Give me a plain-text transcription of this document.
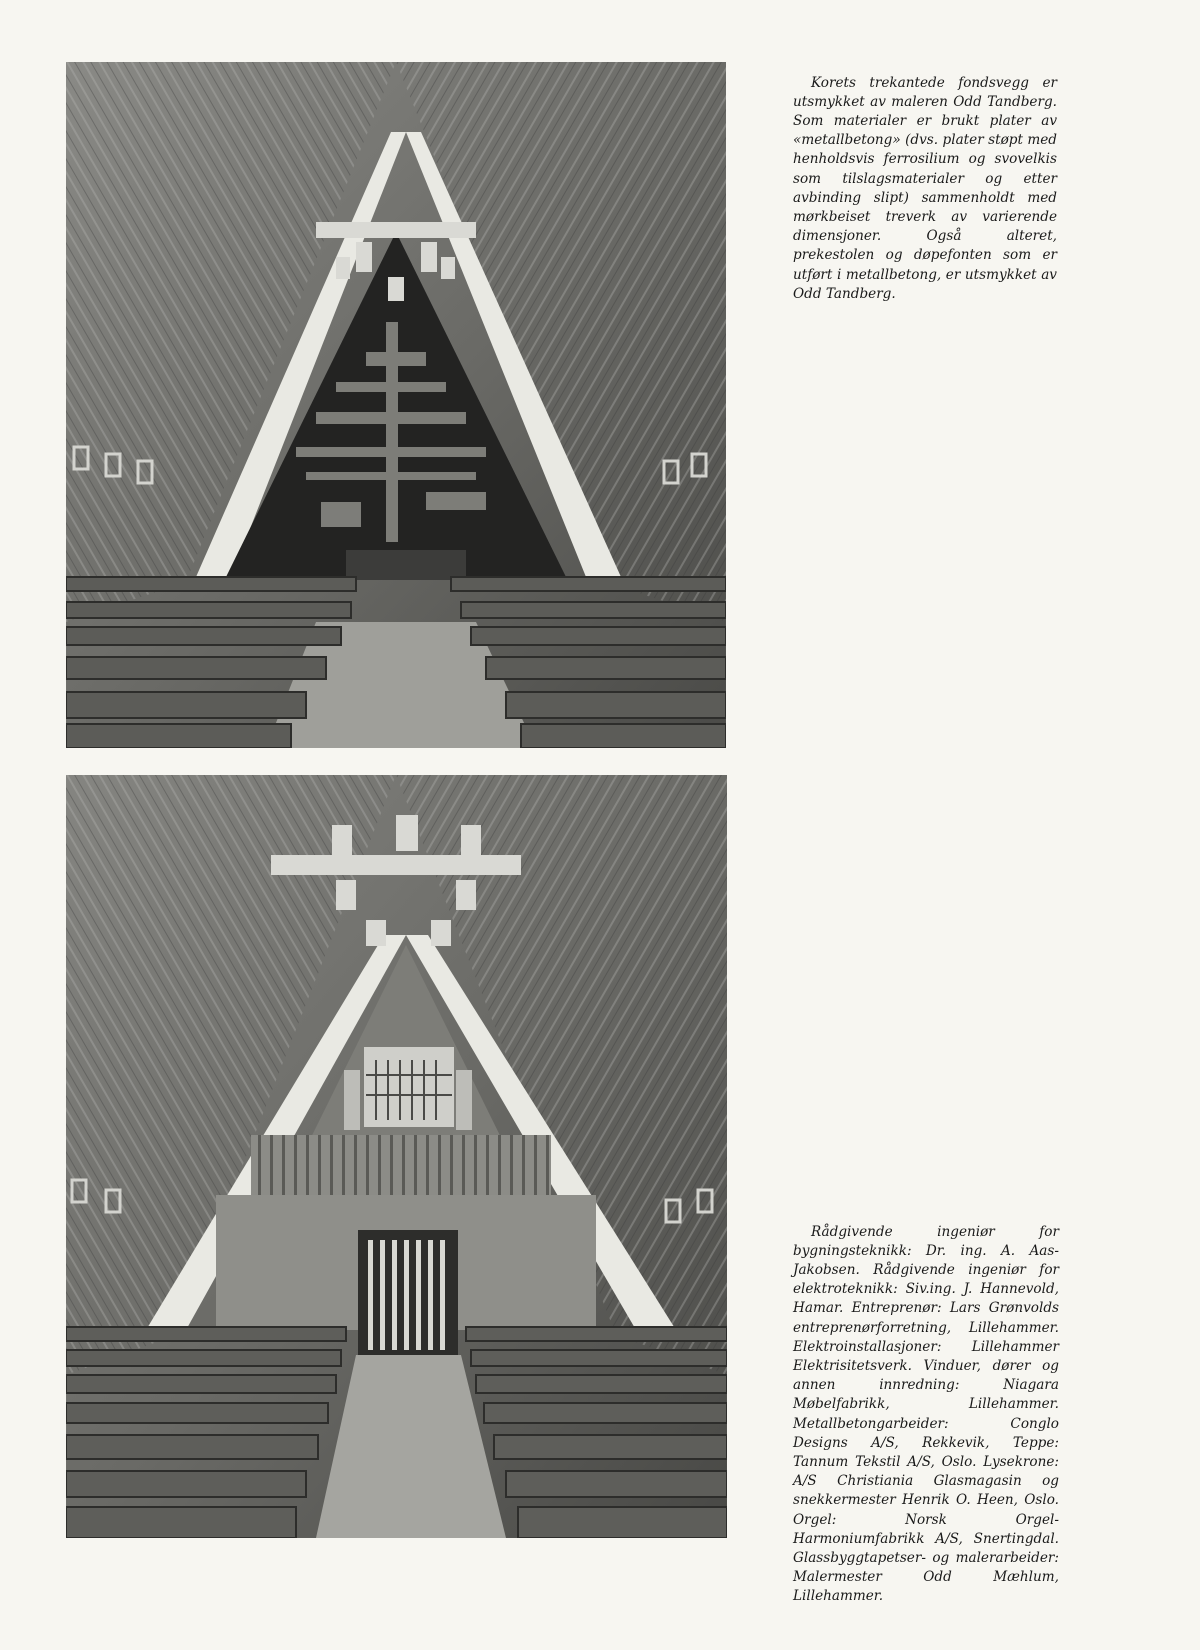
Korets trekantede fondsvegg er utsmykket av maleren Odd Tandberg. Som materialer er brukt plater av «metallbetong» (dvs. plater støpt med henholdsvis ferrosilium og svovelkis som tilslagsmaterialer og etter avbinding slipt) sammenholdt med mørkbeiset treverk av varierende dimensjoner. Også alteret, prekestolen og døpefonten som er utført i metallbetong, er utsmykket av Odd Tandberg.

Rådgivende ingeniør for bygningsteknikk: Dr. ing. A. Aas-Jakobsen. Rådgivende ingeniør for elektroteknikk: Siv.ing. J. Hannevold, Hamar. Entreprenør: Lars Grønvolds entreprenørforretning, Lillehammer. Elektroinstallasjoner: Lillehammer Elektrisitetsverk. Vinduer, dører og annen innredning: Niagara Møbelfabrikk, Lillehammer. Metallbetongarbeider: Conglo Designs A/S, Rekkevik, Teppe: Tannum Tekstil A/S, Oslo. Lysekrone: A/S Christiania Glasmagasin og snekkermester Henrik O. Heen, Oslo. Orgel: Norsk Orgel-Harmoniumfabrikk A/S, Snertingdal. Glassbyggtapetser- og malerarbeider: Malermester Odd Mæhlum, Lillehammer.
